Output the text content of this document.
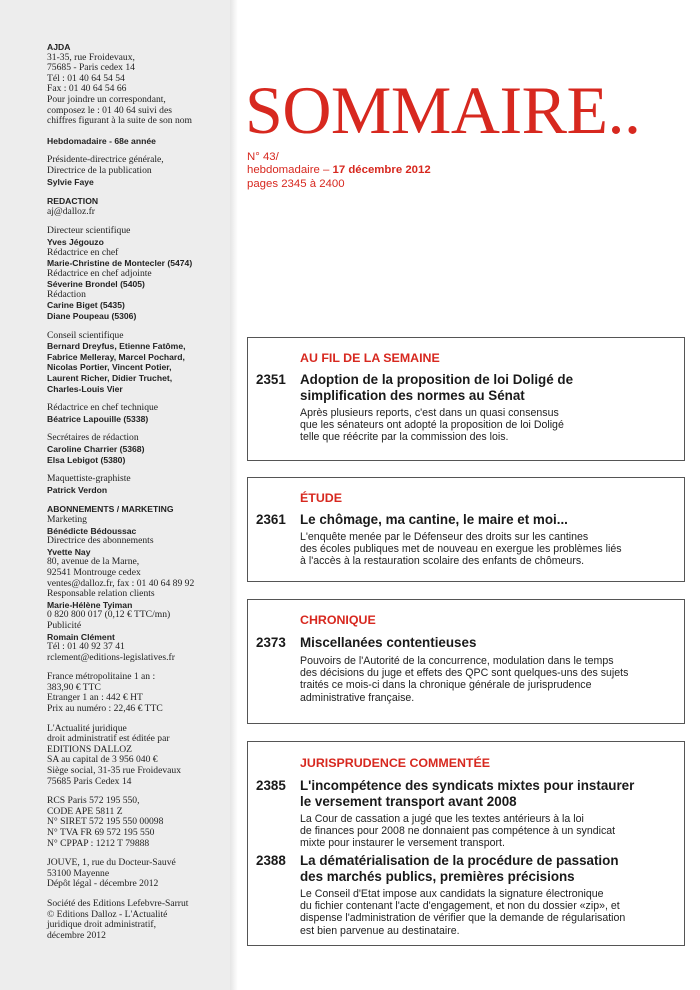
AJDA
31-35, rue Froidevaux,
75685 - Paris cedex 14
Tél : 01 40 64 54 54
Fax : 01 40 64 54 66
Pour joindre un correspondant,
composez le : 01 40 64 suivi des
chiffres figurant à la suite de son nom
Hebdomadaire - 68e année
Présidente-directrice générale,
Directrice de la publication
Sylvie Faye
REDACTION
aj@dalloz.fr
Directeur scientifique
Yves Jégouzo
Rédactrice en chef
Marie-Christine de Montecler (5474)
Rédactrice en chef adjointe
Séverine Brondel (5405)
Rédaction
Carine Biget (5435)
Diane Poupeau (5306)
Conseil scientifique
Bernard Dreyfus, Etienne Fatôme,
Fabrice Melleray, Marcel Pochard,
Nicolas Portier, Vincent Potier,
Laurent Richer, Didier Truchet,
Charles-Louis Vier
Rédactrice en chef technique
Béatrice Lapouille (5338)
Secrétaires de rédaction
Caroline Charrier (5368)
Elsa Lebigot (5380)
Maquettiste-graphiste
Patrick Verdon
ABONNEMENTS / MARKETING
Marketing
Bénédicte Bédoussac
Directrice des abonnements
Yvette Nay
80, avenue de la Marne,
92541 Montrouge cedex
ventes@dalloz.fr, fax : 01 40 64 89 92
Responsable relation clients
Marie-Hélène Tyiman
0 820 800 017 (0,12 € TTC/mn)
Publicité
Romain Clément
Tél : 01 40 92 37 41
rclement@editions-legislatives.fr
France métropolitaine 1 an :
383,90 € TTC
Etranger 1 an : 442 € HT
Prix au numéro : 22,46 € TTC
L'Actualité juridique
droit administratif est éditée par
EDITIONS DALLOZ
SA au capital de 3 956 040 €
Siège social, 31-35 rue Froidevaux
75685 Paris Cedex 14
RCS Paris 572 195 550,
CODE APE 5811 Z
N° SIRET 572 195 550 00098
N° TVA FR 69 572 195 550
N° CPPAP : 1212 T 79888
JOUVE, 1, rue du Docteur-Sauvé
53100 Mayenne
Dépôt légal - décembre 2012
Société des Editions Lefebvre-Sarrut
© Editions Dalloz - L'Actualité
juridique droit administratif,
décembre 2012
SOMMAIRE..
N° 43/
hebdomadaire – 17 décembre 2012
pages 2345 à 2400
AU FIL DE LA SEMAINE
2351 Adoption de la proposition de loi Doligé de
simplification des normes au Sénat
Après plusieurs reports, c'est dans un quasi consensus
que les sénateurs ont adopté la proposition de loi Doligé
telle que réécrite par la commission des lois.
ÉTUDE
2361 Le chômage, ma cantine, le maire et moi...
L'enquête menée par le Défenseur des droits sur les cantines
des écoles publiques met de nouveau en exergue les problèmes liés
à l'accès à la restauration scolaire des enfants de chômeurs.
CHRONIQUE
2373 Miscellanées contentieuses
Pouvoirs de l'Autorité de la concurrence, modulation dans le temps
des décisions du juge et effets des QPC sont quelques-uns des sujets
traités ce mois-ci dans la chronique générale de jurisprudence
administrative française.
JURISPRUDENCE COMMENTÉE
2385 L'incompétence des syndicats mixtes pour instaurer
le versement transport avant 2008
La Cour de cassation a jugé que les textes antérieurs à la loi
de finances pour 2008 ne donnaient pas compétence à un syndicat
mixte pour instaurer le versement transport.
2388 La dématérialisation de la procédure de passation
des marchés publics, premières précisions
Le Conseil d'Etat impose aux candidats la signature électronique
du fichier contenant l'acte d'engagement, et non du dossier «zip», et
dispense l'administration de vérifier que la demande de régularisation
est bien parvenue au destinataire.
